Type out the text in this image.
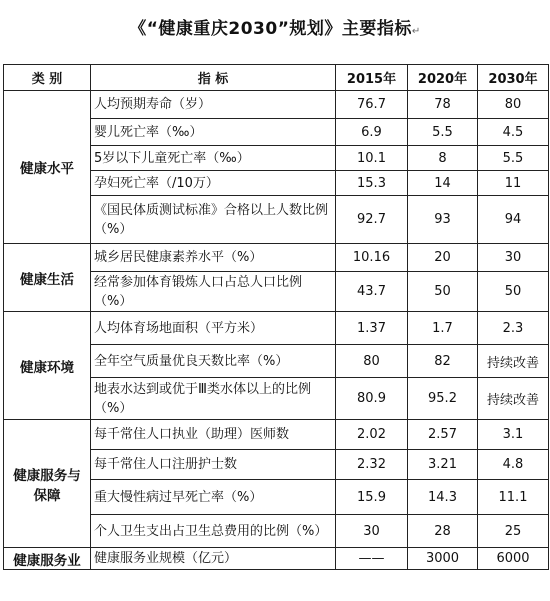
《“健康重庆2030”规划》主要指标↵
类 别	指 标	2015年	2020年	2030年
健康水平	人均预期寿命（岁）	76.7	78	80
	婴儿死亡率（‰）	6.9	5.5	4.5
	5岁以下儿童死亡率（‰）	10.1	8	5.5
	孕妇死亡率（/10万）	15.3	14	11
	《国民体质测试标准》合格以上人数比例（%）	92.7	93	94
健康生活	城乡居民健康素养水平（%）	10.16	20	30
	经常参加体育锻炼人口占总人口比例（%）	43.7	50	50
健康环境	人均体育场地面积（平方米）	1.37	1.7	2.3
	全年空气质量优良天数比率（%）	80	82	持续改善
	地表水达到或优于Ⅲ类水体以上的比例（%）	80.9	95.2	持续改善
健康服务与保障	每千常住人口执业（助理）医师数	2.02	2.57	3.1
	每千常住人口注册护士数	2.32	3.21	4.8
	重大慢性病过早死亡率（%）	15.9	14.3	11.1
	个人卫生支出占卫生总费用的比例（%）	30	28	25
健康服务业	健康服务业规模（亿元）	——	3000	6000
